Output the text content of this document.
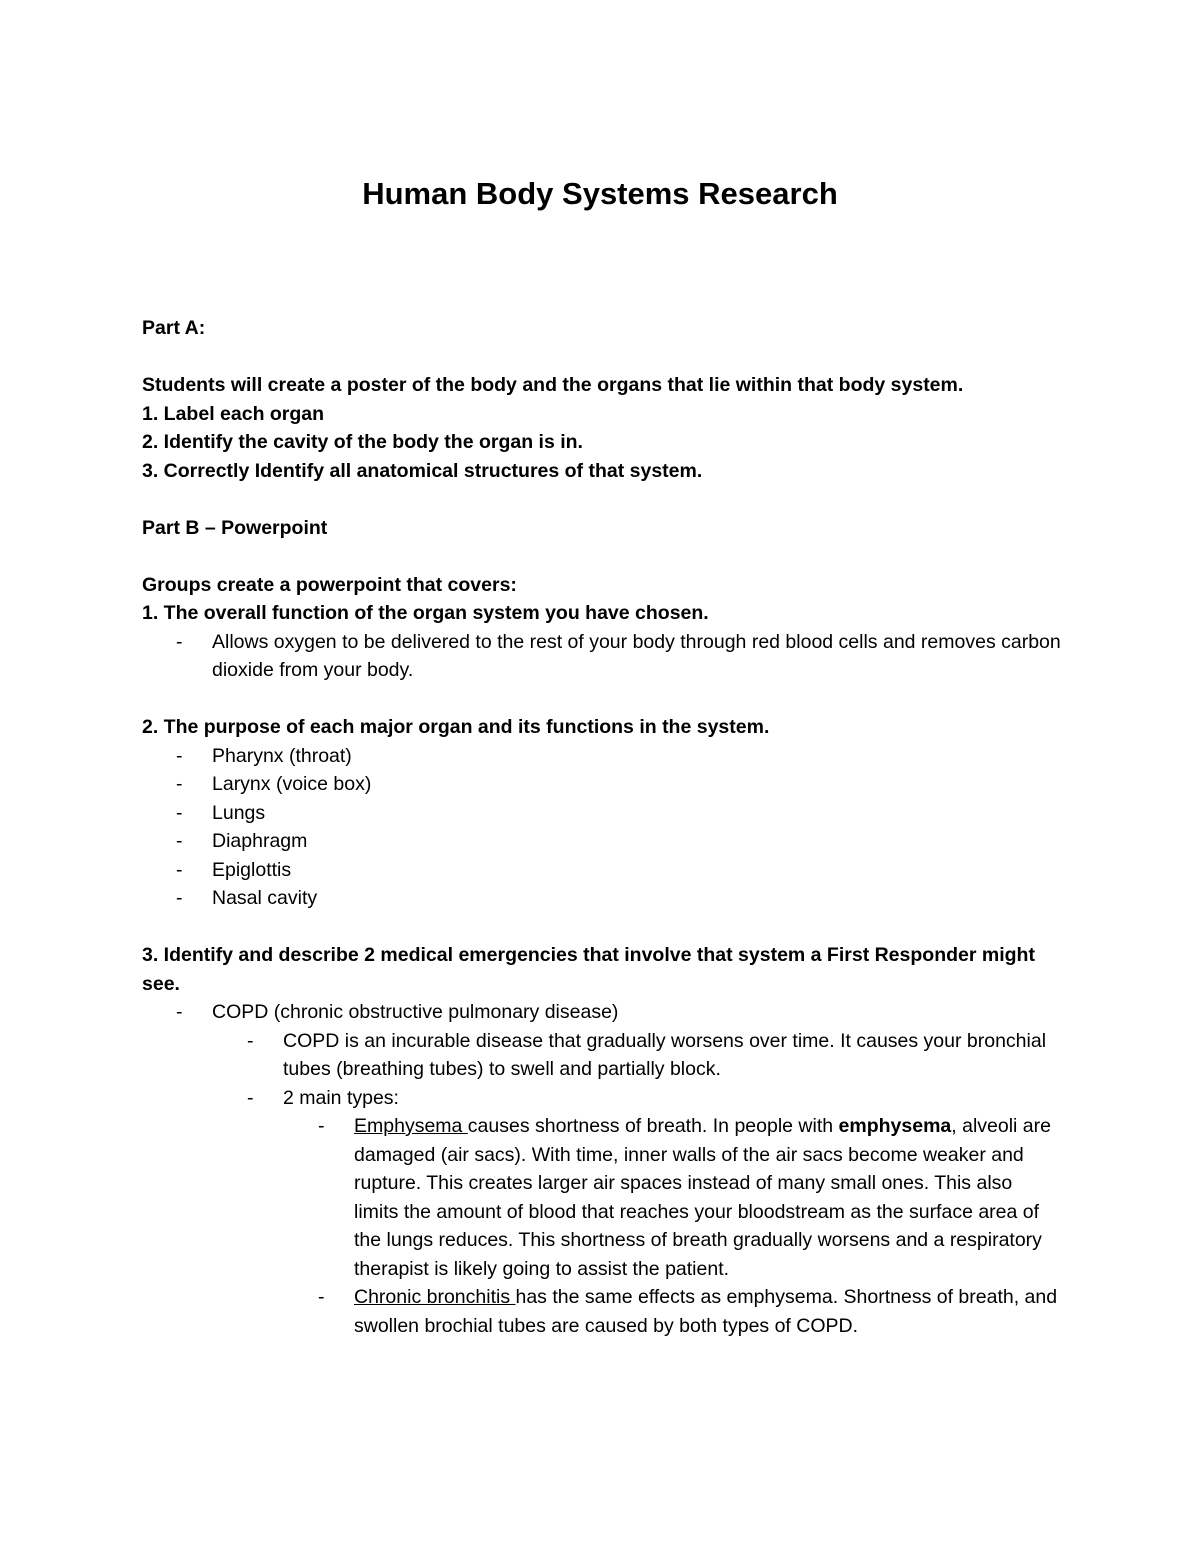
Human Body Systems Research

Part A:

Students will create a poster of the body and the organs that lie within that body system.

1. Label each organ

2. Identify the cavity of the body the organ is in.

3. Correctly Identify all anatomical structures of that system.

Part B – Powerpoint

Groups create a powerpoint that covers:

1. The overall function of the organ system you have chosen.

- Allows oxygen to be delivered to the rest of your body through red blood cells and removes carbon dioxide from your body.

2. The purpose of each major organ and its functions in the system.

- Pharynx (throat)
- Larynx (voice box)
- Lungs
- Diaphragm
- Epiglottis
- Nasal cavity

3. Identify and describe 2 medical emergencies that involve that system a First Responder might see.

- COPD (chronic obstructive pulmonary disease)
- COPD is an incurable disease that gradually worsens over time. It causes your bronchial tubes (breathing tubes) to swell and partially block.
- 2 main types:
- Emphysema causes shortness of breath. In people with emphysema, alveoli are damaged (air sacs). With time, inner walls of the air sacs become weaker and rupture. This creates larger air spaces instead of many small ones. This also limits the amount of blood that reaches your bloodstream as the surface area of the lungs reduces. This shortness of breath gradually worsens and a respiratory therapist is likely going to assist the patient.
- Chronic bronchitis has the same effects as emphysema. Shortness of breath, and swollen brochial tubes are caused by both types of COPD.
